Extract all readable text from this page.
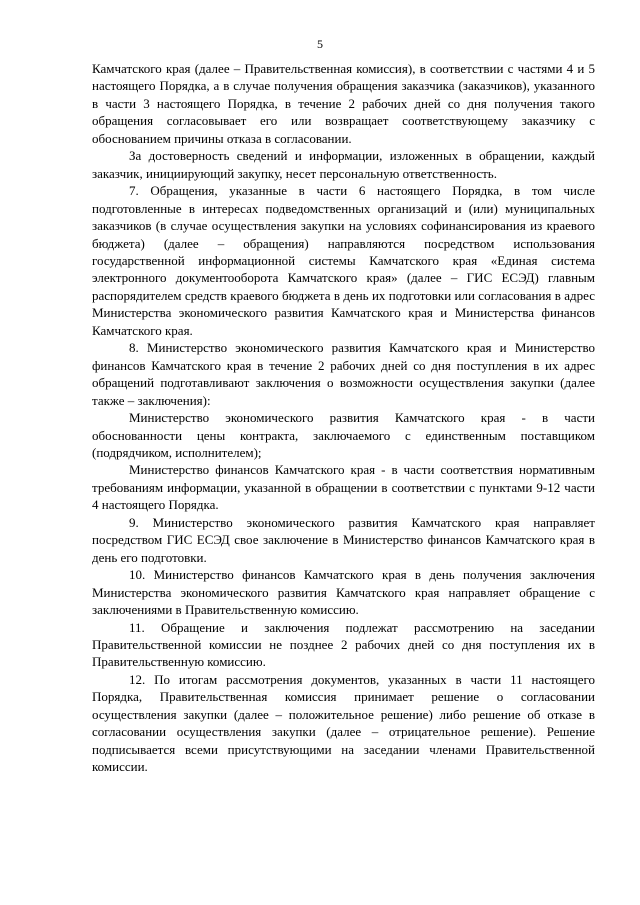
5

Камчатского края (далее – Правительственная комиссия), в соответствии с частями 4 и 5 настоящего Порядка, а в случае получения обращения заказчика (заказчиков), указанного в части 3 настоящего Порядка, в течение 2 рабочих дней со дня получения такого обращения согласовывает его или возвращает соответствующему заказчику с обоснованием причины отказа в согласовании.

За достоверность сведений и информации, изложенных в обращении, каждый заказчик, инициирующий закупку, несет персональную ответственность.

7. Обращения, указанные в части 6 настоящего Порядка, в том числе подготовленные в интересах подведомственных организаций и (или) муниципальных заказчиков (в случае осуществления закупки на условиях софинансирования из краевого бюджета) (далее – обращения) направляются посредством использования государственной информационной системы Камчатского края «Единая система электронного документооборота Камчатского края» (далее – ГИС ЕСЭД) главным распорядителем средств краевого бюджета в день их подготовки или согласования в адрес Министерства экономического развития Камчатского края и Министерства финансов Камчатского края.

8. Министерство экономического развития Камчатского края и Министерство финансов Камчатского края в течение 2 рабочих дней со дня поступления в их адрес обращений подготавливают заключения о возможности осуществления закупки (далее также – заключения):

Министерство экономического развития Камчатского края - в части обоснованности цены контракта, заключаемого с единственным поставщиком (подрядчиком, исполнителем);

Министерство финансов Камчатского края - в части соответствия нормативным требованиям информации, указанной в обращении в соответствии с пунктами 9-12 части 4 настоящего Порядка.

9. Министерство экономического развития Камчатского края направляет посредством ГИС ЕСЭД свое заключение в Министерство финансов Камчатского края в день его подготовки.

10. Министерство финансов Камчатского края в день получения заключения Министерства экономического развития Камчатского края направляет обращение с заключениями в Правительственную комиссию.

11. Обращение и заключения подлежат рассмотрению на заседании Правительственной комиссии не позднее 2 рабочих дней со дня поступления их в Правительственную комиссию.

12. По итогам рассмотрения документов, указанных в части 11 настоящего Порядка, Правительственная комиссия принимает решение о согласовании осуществления закупки (далее – положительное решение) либо решение об отказе в согласовании осуществления закупки (далее – отрицательное решение). Решение подписывается всеми присутствующими на заседании членами Правительственной комиссии.
